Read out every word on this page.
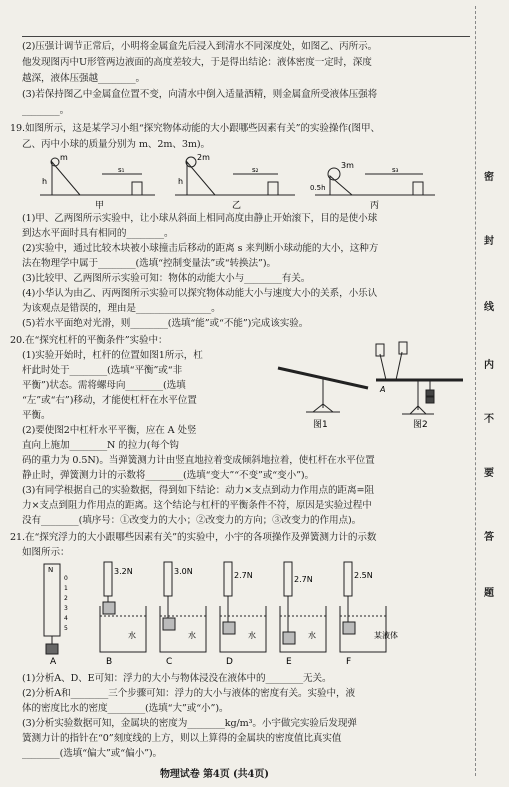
(2)压强计调节正常后，小明将金属盒先后浸入到清水不同深度处，如图乙、丙所示。
他发现图丙中U形管两边液面的高度差较大，于是得出结论：液体密度一定时，深度
越深，液体压强越________。
(3)若保持图乙中金属盒位置不变，向清水中倒入适量酒精，则金属盒所受液体压强将
________。
19.如图所示，这是某学习小组“探究物体动能的大小跟哪些因素有关”的实验操作(图甲、
乙、丙中小球的质量分别为 m、2m、3m)。
m	2m
3m
h	h
0.5h
s₁	s₂	s₃
甲	乙	丙
(1)甲、乙两图所示实验中，让小球从斜面上相同高度由静止开始滚下，目的是使小球
到达水平面时具有相同的________。
(2)实验中，通过比较木块被小球撞击后移动的距离 s 来判断小球动能的大小，这种方
法在物理学中属于________(选填“控制变量法”或“转换法”)。
(3)比较甲、乙两图所示实验可知：物体的动能大小与________有关。
(4)小华认为由乙、丙两图所示实验可以探究物体动能大小与速度大小的关系，小乐认
为该观点是错误的，理由是________________。
(5)若水平面绝对光滑，则________(选填“能”或“不能”)完成该实验。
20.在“探究杠杆的平衡条件”实验中：
(1)实验开始时，杠杆的位置如图1所示，杠
杆此时处于________(选填“平衡”或“非
平衡”)状态。需将螺母向________(选填
“左”或“右”)移动，才能使杠杆在水平位置
平衡。
(2)要使图2中杠杆水平平衡，应在 A 处竖
直向上施加________N 的拉力(每个钩
A
图1	图2
码的重力为 0.5N)。当弹簧测力计由竖直地拉着变成倾斜地拉着，使杠杆在水平位置
静止时，弹簧测力计的示数将________(选填“变大”“不变”或“变小”)。
(3)有同学根据自己的实验数据，得到如下结论：动力×支点到动力作用点的距离=阻
力×支点到阻力作用点的距离。这个结论与杠杆的平衡条件不符，原因是实验过程中
没有________(填序号：①改变力的大小；②改变力的方向；③改变力的作用点)。
21.在“探究浮力的大小跟哪些因素有关”的实验中，小宇的各项操作及弹簧测力计的示数
如图所示：
N
0
1
2
3
4
5
A	B	C	D	E	F
3.2N	3.0N	2.7N	2.7N	2.5N
水	水	水	水	某液体
(1)分析A、D、E可知：浮力的大小与物体浸没在液体中的________无关。
(2)分析A和________三个步骤可知：浮力的大小与液体的密度有关。实验中，液
体的密度比水的密度________(选填“大”或“小”)。
(3)分析实验数据可知，金属块的密度为________kg/m³。小宇做完实验后发现弹
簧测力计的指针在“0”刻度线的上方，则以上算得的金属块的密度值比真实值
________(选填“偏大”或“偏小”)。
物理试卷 第4页 (共4页)
密
封
线
内
不
要
答
题
